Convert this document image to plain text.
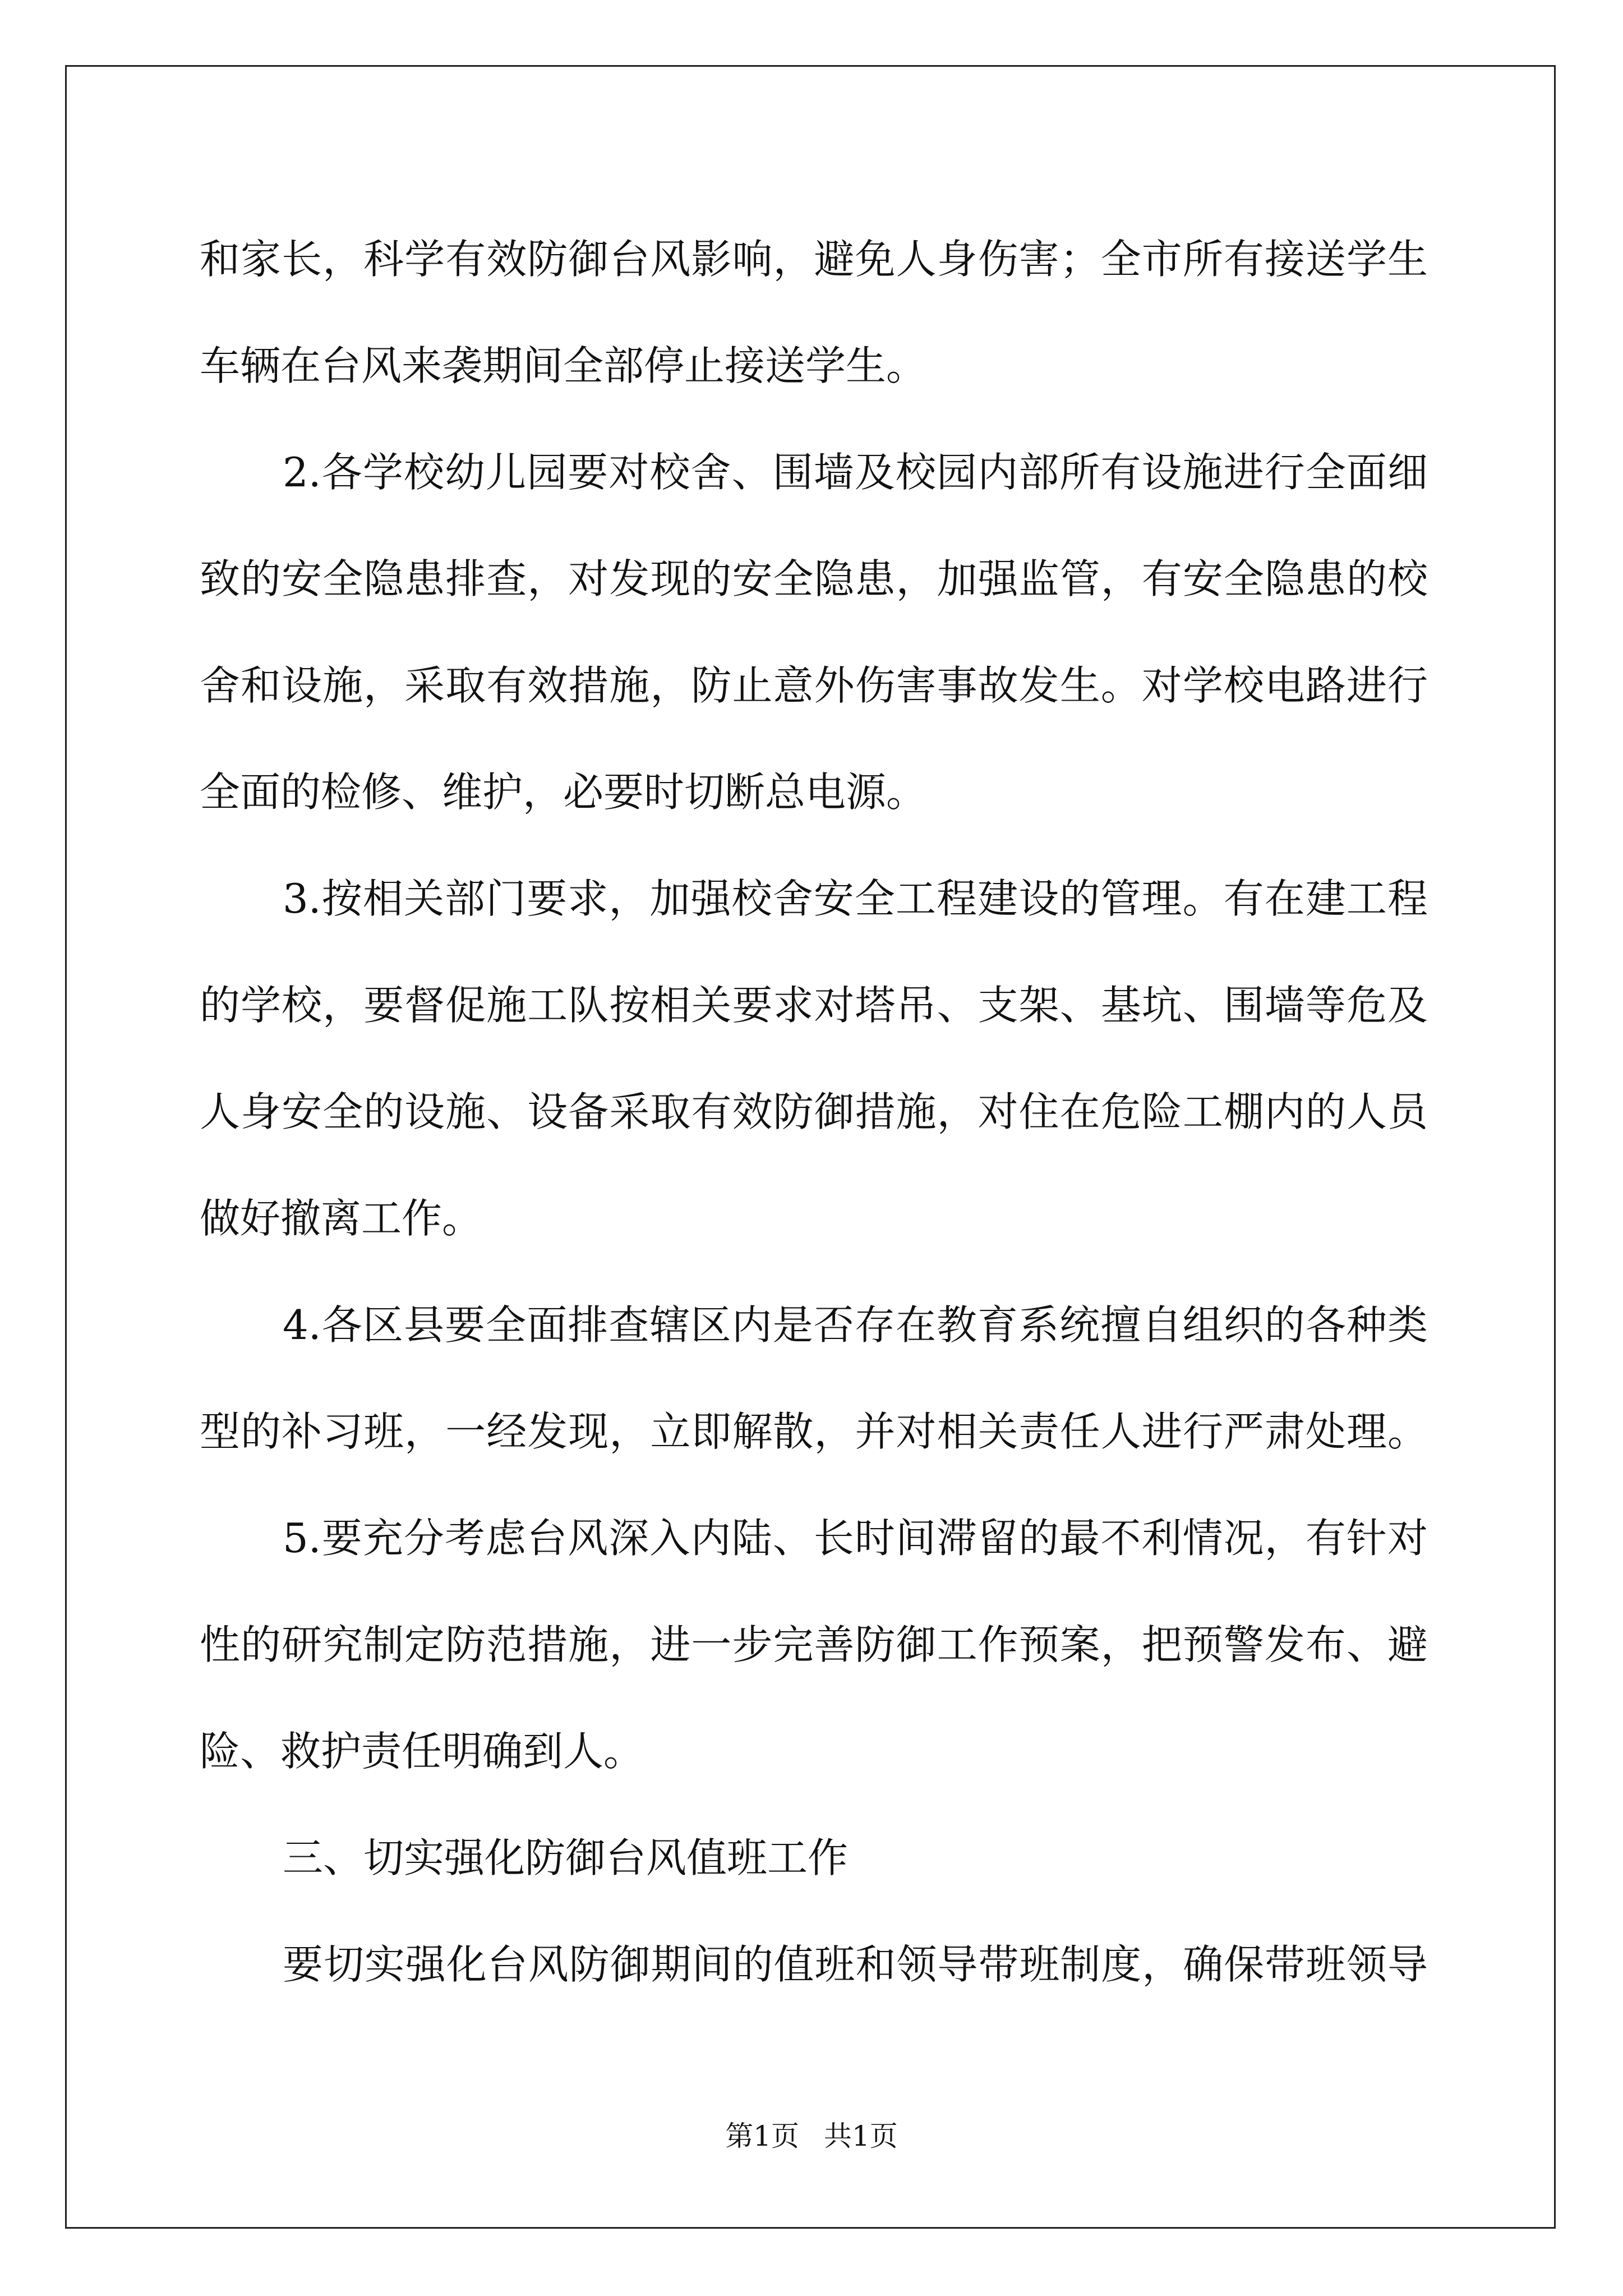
和家长，科学有效防御台风影响，避免人身伤害；全市所有接送学生
车辆在台风来袭期间全部停止接送学生。
2.各学校幼儿园要对校舍、围墙及校园内部所有设施进行全面细
致的安全隐患排查，对发现的安全隐患，加强监管，有安全隐患的校
舍和设施，采取有效措施，防止意外伤害事故发生。对学校电路进行
全面的检修、维护，必要时切断总电源。
3.按相关部门要求，加强校舍安全工程建设的管理。有在建工程
的学校，要督促施工队按相关要求对塔吊、支架、基坑、围墙等危及
人身安全的设施、设备采取有效防御措施，对住在危险工棚内的人员
做好撤离工作。
4.各区县要全面排查辖区内是否存在教育系统擅自组织的各种类
型的补习班，一经发现，立即解散，并对相关责任人进行严肃处理。
5.要充分考虑台风深入内陆、长时间滞留的最不利情况，有针对
性的研究制定防范措施，进一步完善防御工作预案，把预警发布、避
险、救护责任明确到人。
三、切实强化防御台风值班工作
要切实强化台风防御期间的值班和领导带班制度，确保带班领导
第1页 共1页
